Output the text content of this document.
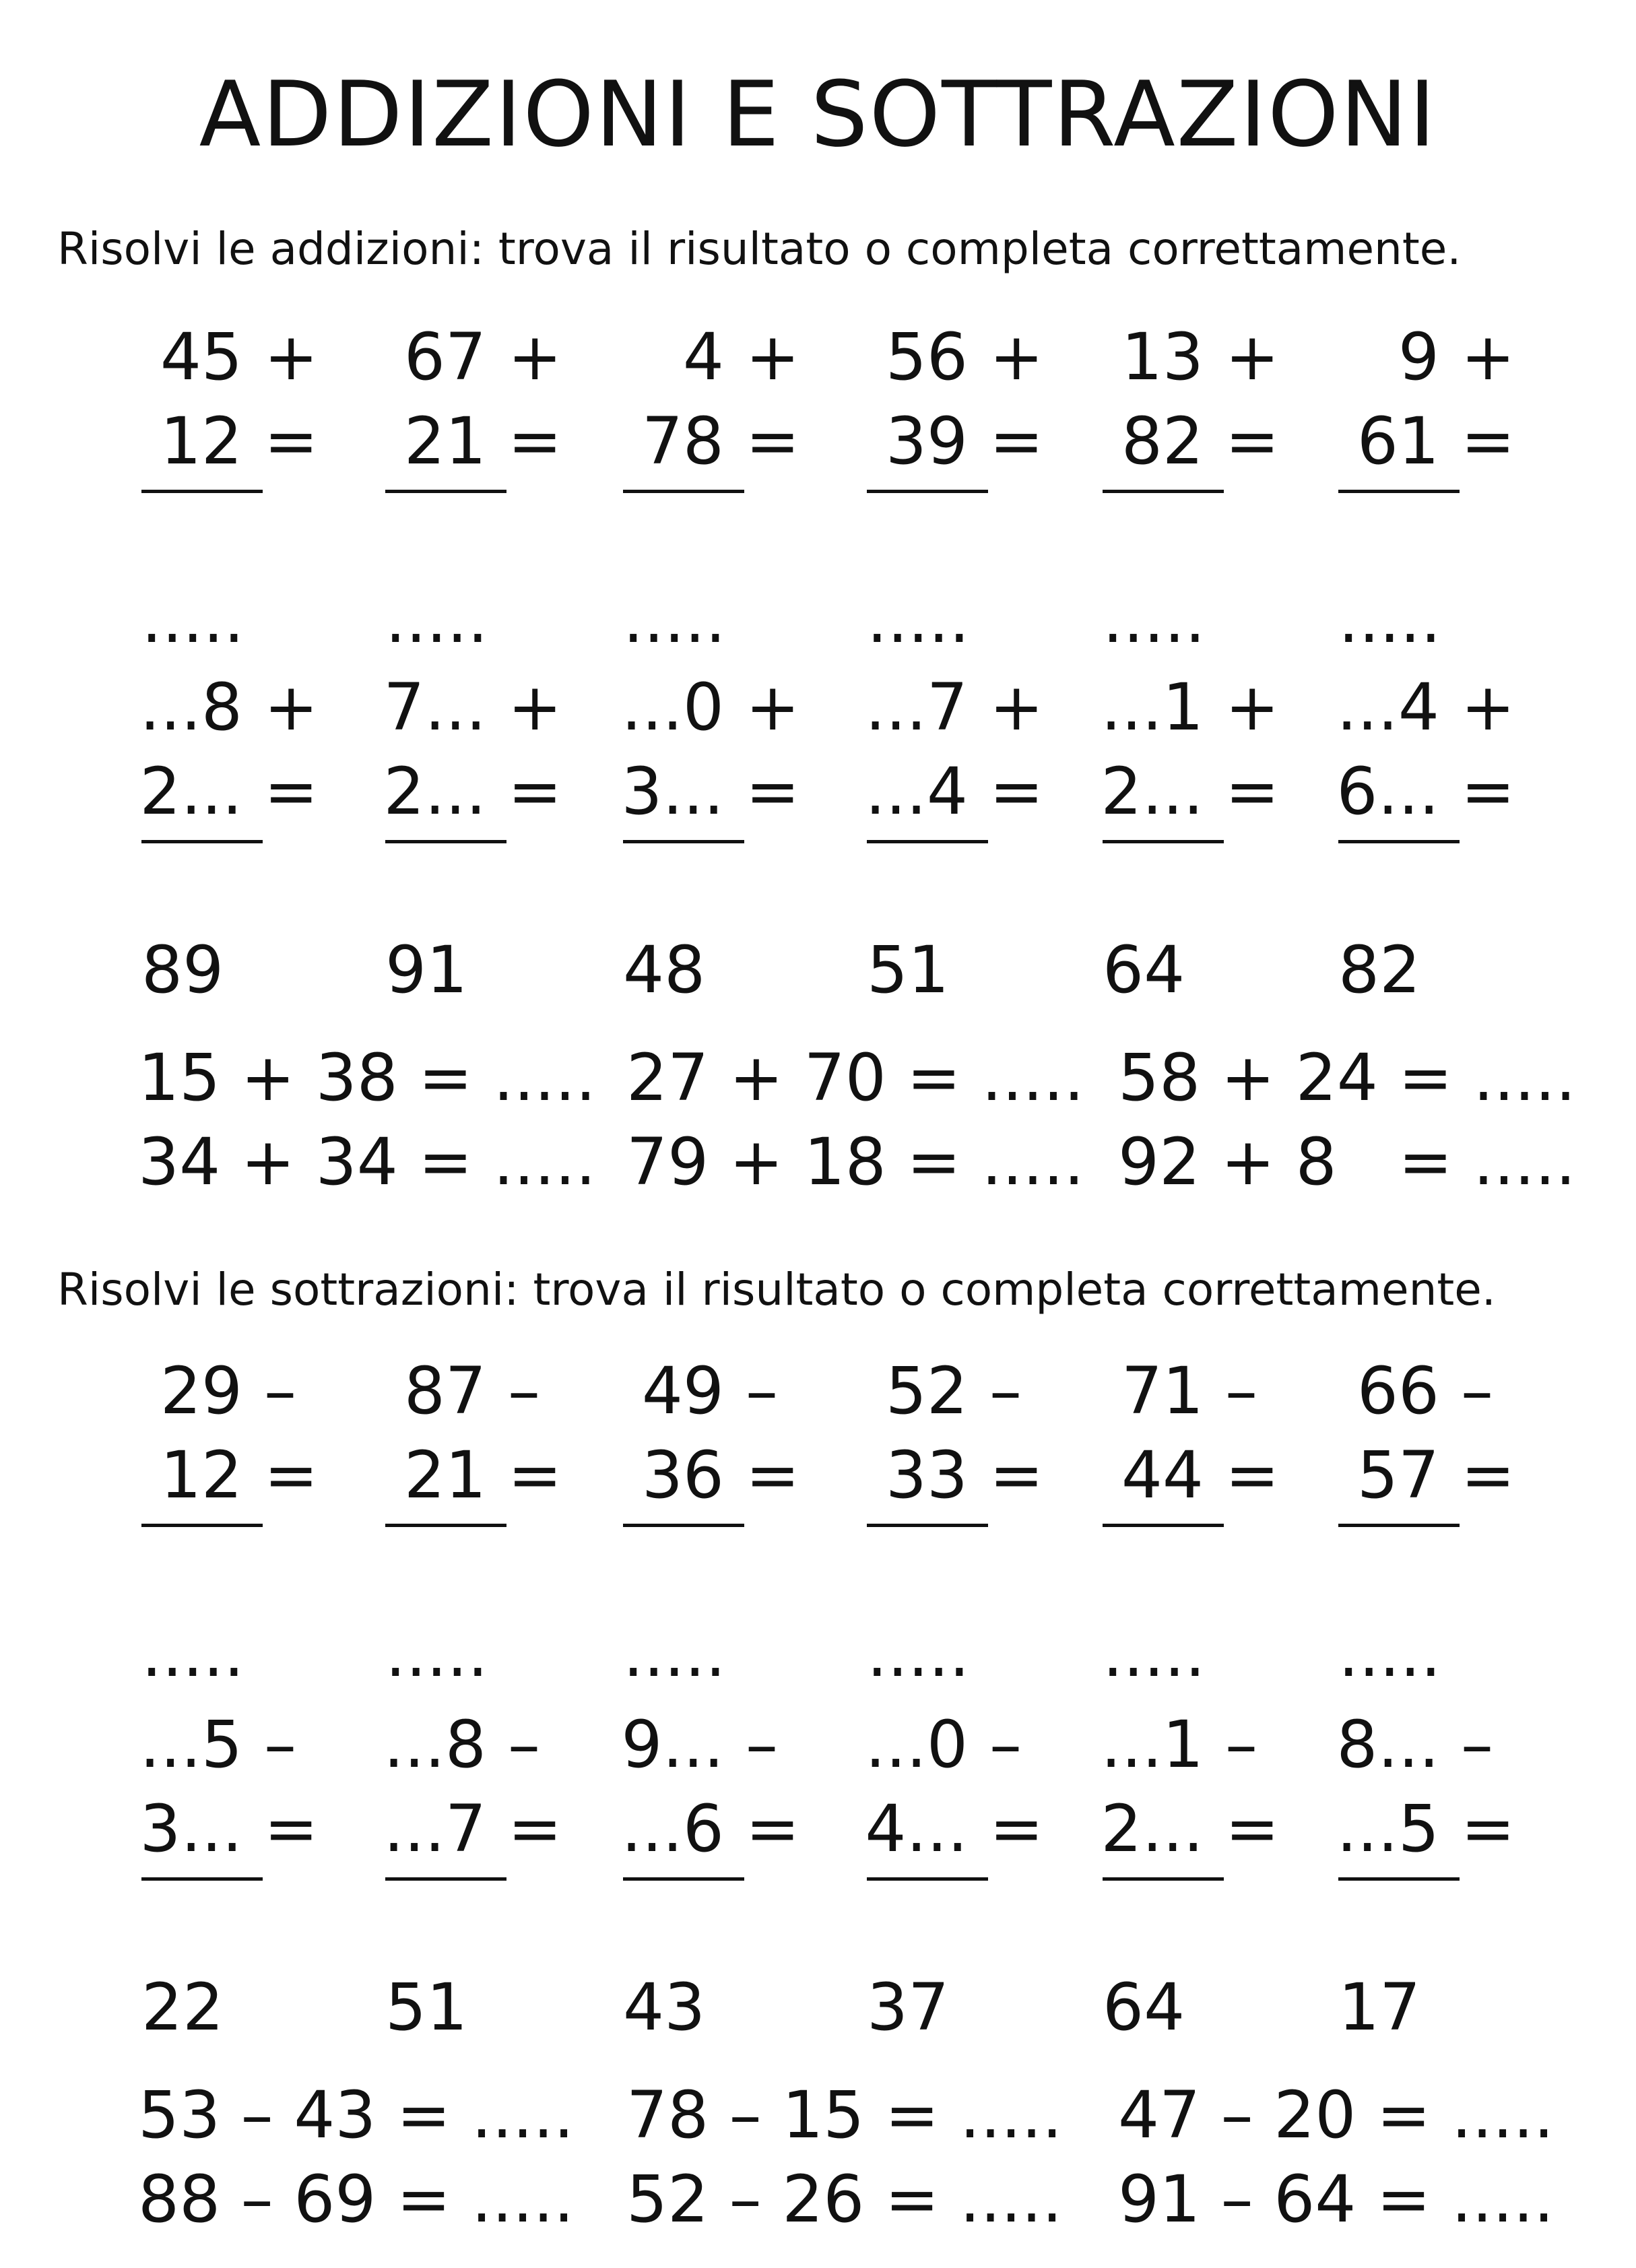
ADDIZIONI E SOTTRAZIONI
Risolvi le addizioni: trova il risultato o completa correttamente.
45 +
12 =
.....
67 +
21 =
.....
4 +
78 =
.....
56 +
39 =
.....
13 +
82 =
.....
9 +
61 =
.....
...8 +
2... =
89
7... +
2... =
91
...0 +
3... =
48
...7 +
...4 =
51
...1 +
2... =
64
...4 +
6... =
82
15 + 38 = ..... 27 + 70 = ..... 58 + 24 = .....
34 + 34 = ..... 79 + 18 = ..... 92 + 8   = .....
Risolvi le sottrazioni: trova il risultato o completa correttamente.
29 –
12 =
.....
87 –
21 =
.....
49 –
36 =
.....
52 –
33 =
.....
71 –
44 =
.....
66 –
57 =
.....
...5 –
3... =
22
...8 –
...7 =
51
9... –
...6 =
43
...0 –
4... =
37
...1 –
2... =
64
8... –
...5 =
17
53 – 43 = ..... 78 – 15 = ..... 47 – 20 = .....
88 – 69 = ..... 52 – 26 = ..... 91 – 64 = .....
